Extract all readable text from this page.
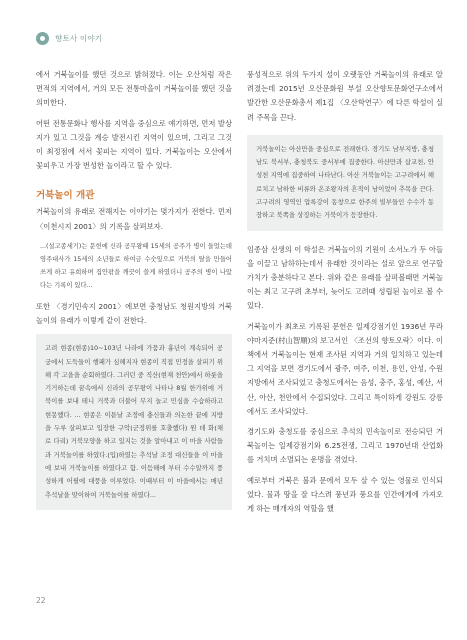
향토사 이야기

에서 거북놀이를 했던 것으로 밝혀졌다. 이는 오산처럼 작은 면적의 지역에서, 거의 모든 전통마을이 거북놀이를 했던 것을 의미한다.

어떤 전통문화나 행사를 지역을 중심으로 얘기하면, 먼저 발상지가 있고 그것을 계승 발전시킨 지역이 있으며, 그리고 그것이 최정점에 서서 꽃피는 지역이 있다. 거북놀이는 오산에서 꽃피우고 가장 번성한 놀이라고 할 수 있다.

거북놀이 개관

거북놀이의 유래로 전해지는 이야기는 몇가지가 전한다. 먼저 〈이천시지 2001〉의 기록을 살펴보자.

...(설고종세기)는 문헌에 신라 공무왕때 15세의 공주가 병이 들었는데 영주대사가 15세의 소년들로 하여금 수숫잎으로 거북의 탈을 만들어 쓰게 하고 유희하며 집안팎을 깨끗이 쓸게 하였더니 공주의 병이 나았다는 기록이 있다...

또한 〈경기민속지 2001〉에보면 충청남도 청원지방의 거북놀이의 유래가 이렇게 같이 전한다.

고려 현종(현종)10~103년 나라에 가뭄과 흉년이 계속되어 공궁에서 도둑들이 행패가 심해지자 현종이 직접 민정을 살피기 위해 각 고을을 순회하였다. 그러던 중 직산(현재 천안)에서 하룻을 기거하는데 꿈속에서 신라의 공무왕이 나타나 8월 한가위에 거북이를 보내 테니 거북과 더불어 무지 놀고 민심을 수습하라고 현몽했다. ... 현종은 이튿날 조정에 충신들과 의논한 끝에 지방을 두루 살피보고 입장한 구악(군정위를 호출했다) 원 데 화(채로 다리) 거북모양을 하고 있지는 것을 알아내고 이 마을 사람들과 거북놀이를 하였다.(입)하였는 추석날 조정 대신들을 이 마을에 보내 거북놀이를 하였다고 함. 이듬해에 부터 수수알까지 풍성하게 어필에 대풍을 이루었다. 이때부터 이 마을에서는 매년 추석날을 맞이하여 거북놀이를 하였다...

풍성적으로 위의 두가지 설이 오랫동안 거북놀이의 유래로 알려졌는데 2015년 오산문화원 부설 오산향토문화연구소에서 발간한 오산문화총서 제1집 〈오산학연구〉에 다른 학설이 실려 주목을 끈다.

거북놀이는 아산만을 중심으로 전래한다. 경기도 남부지방, 충청남도 북서부, 충청북도 중서부에 집중한다. 아산만과 삽교천, 안성천 지역에 집중하여 나타난다. 아산 거북놀이는 고구려에서 해로치고 남하한 비류와 온조왕자의 흔적이 남이었어 추목을 끈다. 고구려의 영역인 압록강이 동창으로 한주의 빌부들인 수수가 동장하고 북쪽을 상징하는 거북이가 등장한다.

임종삼 선생의 이 학설은 거북놀이의 기원이 소서노가 두 아들을 이끌고 남하하는데서 유래한 것이라는 설로 앞으로 연구할 가치가 충분하다고 본다. 위와 같은 유래를 살펴볼때면 거북놀이는 최고 고구려 초부터, 늦어도 고려때 성립된 놀이로 볼 수 있다.

거북놀이가 최초로 기록된 문헌은 일제강점기인 1936년 무라야마지준(村山智順)의 보고서인 〈조선의 향토오락〉이다. 이 책에서 거북놀이는 현재 조사된 지역과 거의 일치하고 있는데 그 지역을 보면 경기도에서 광주, 여주, 이천, 용인, 안성, 수원지방에서 조사되었고 충청도에서는 음성, 충주, 홍성, 예산, 서산, 아산, 천안에서 수집되었다. 그리고 특이하게 강원도 강릉에서도 조사되었다.

경기도와 충청도를 중심으로 추석의 민속놀이로 전승되던 거북놀이는 일제강점기와 6.25전쟁, 그리고 1970년대 산업화를 거치며 소멸되는 운명을 겪었다.

예로부터 거북은 불과 문에서 모두 살 수 있는 영물로 인식되었다. 물과 땅을 잘 다스려 풍년과 풍요를 인간에게에 가져오게 하는 매개자의 역할을 했

22
